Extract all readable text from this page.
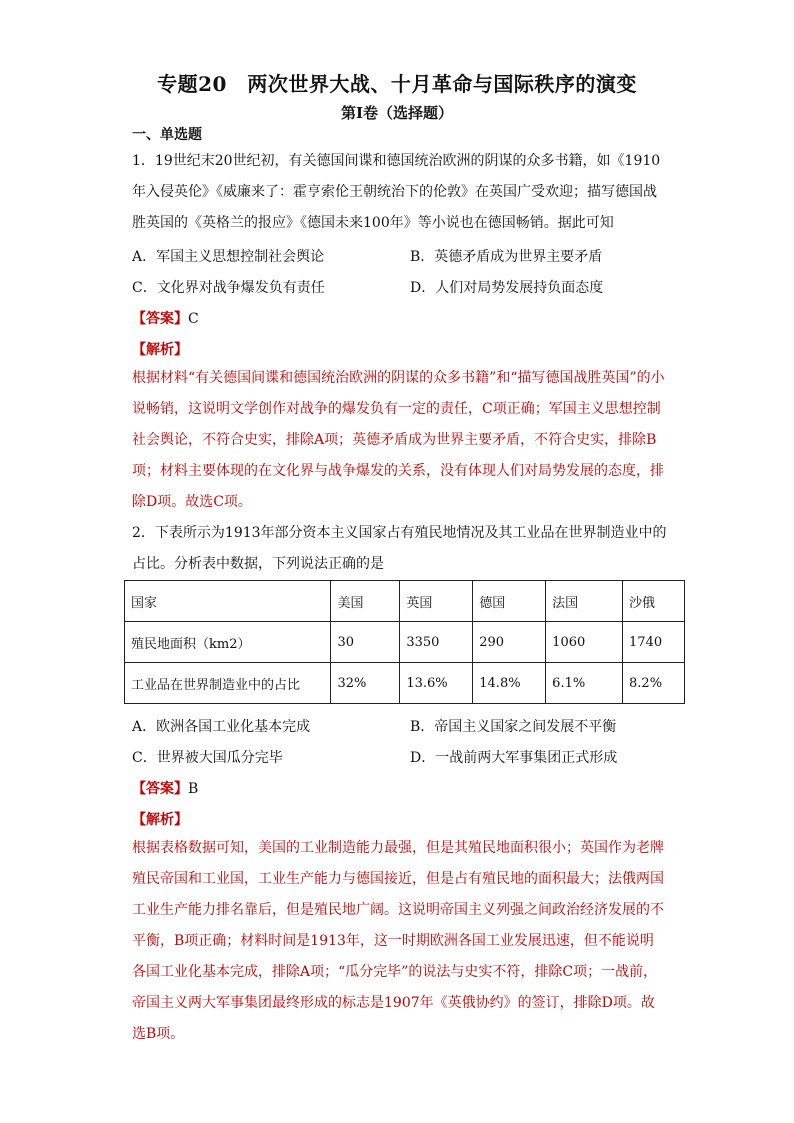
专题20　两次世界大战、十月革命与国际秩序的演变
第I卷（选择题）
一、单选题

1．19世纪末20世纪初，有关德国间谍和德国统治欧洲的阴谋的众多书籍，如《1910
年入侵英伦》《威廉来了：霍亨索伦王朝统治下的伦敦》在英国广受欢迎；描写德国战
胜英国的《英格兰的报应》《德国未来100年》等小说也在德国畅销。据此可知

A．军国主义思想控制社会舆论	B．英德矛盾成为世界主要矛盾
C．文化界对战争爆发负有责任	D．人们对局势发展持负面态度
【答案】C
【解析】

根据材料“有关德国间谍和德国统治欧洲的阴谋的众多书籍”和“描写德国战胜英国”的小
说畅销，这说明文学创作对战争的爆发负有一定的责任，C项正确；军国主义思想控制
社会舆论，不符合史实，排除A项；英德矛盾成为世界主要矛盾，不符合史实，排除B
项；材料主要体现的在文化界与战争爆发的关系，没有体现人们对局势发展的态度，排
除D项。故选C项。

2．下表所示为1913年部分资本主义国家占有殖民地情况及其工业品在世界制造业中的
占比。分析表中数据，下列说法正确的是

国家	美国	英国	德国	法国	沙俄
殖民地面积（km2）	30	3350	290	1060	1740
工业品在世界制造业中的占比	32%	13.6%	14.8%	6.1%	8.2%
A．欧洲各国工业化基本完成	B．帝国主义国家之间发展不平衡
C．世界被大国瓜分完毕	D．一战前两大军事集团正式形成
【答案】B
【解析】

根据表格数据可知，美国的工业制造能力最强，但是其殖民地面积很小；英国作为老牌
殖民帝国和工业国，工业生产能力与德国接近，但是占有殖民地的面积最大；法俄两国
工业生产能力排名靠后，但是殖民地广阔。这说明帝国主义列强之间政治经济发展的不
平衡，B项正确；材料时间是1913年，这一时期欧洲各国工业发展迅速，但不能说明
各国工业化基本完成，排除A项；“瓜分完毕”的说法与史实不符，排除C项；一战前，
帝国主义两大军事集团最终形成的标志是1907年《英俄协约》的签订，排除D项。故
选B项。
